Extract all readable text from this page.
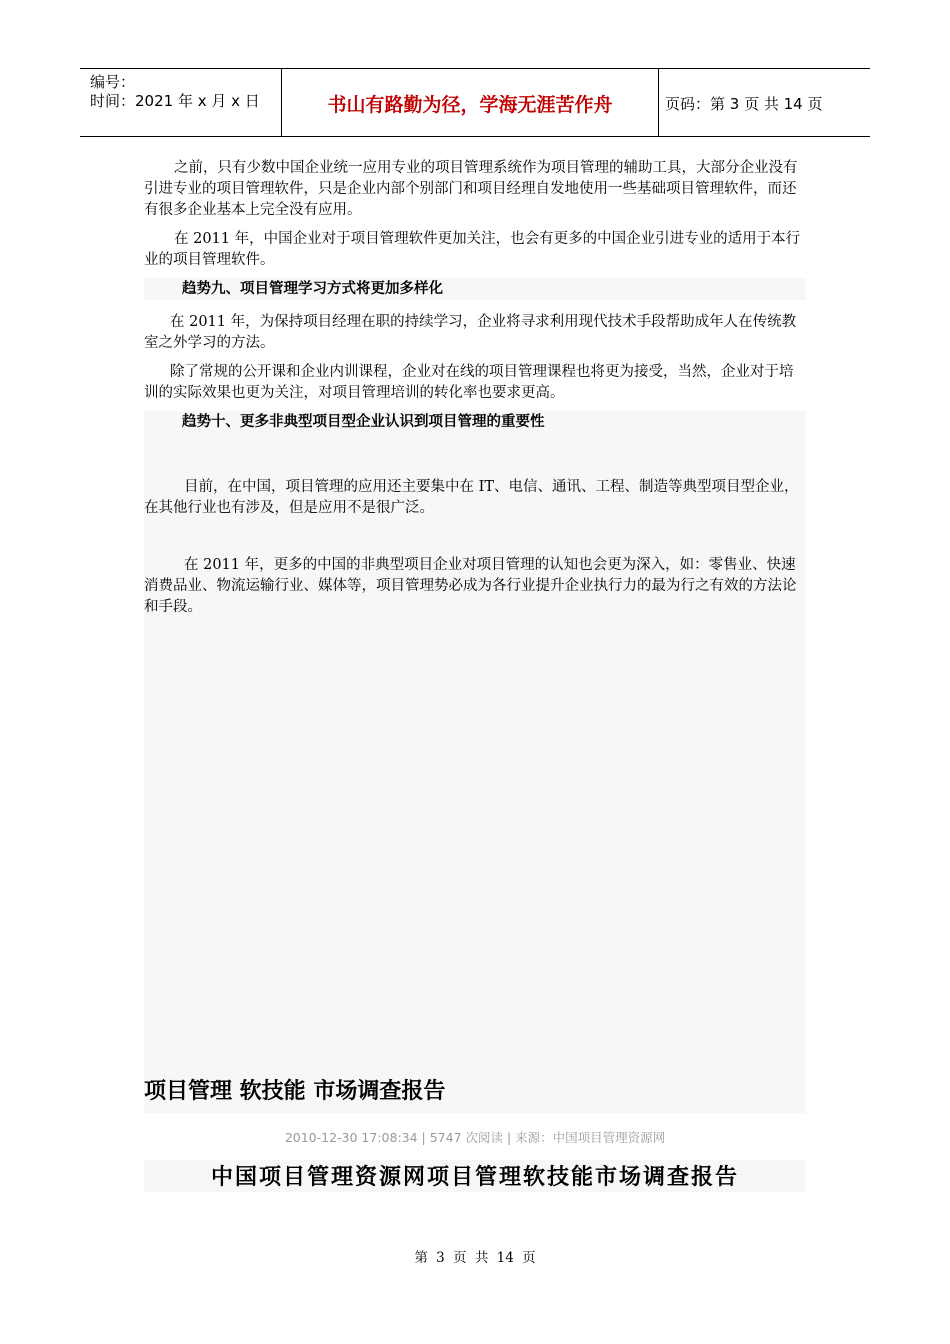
编号：
时间：2021 年 x 月 x 日	书山有路勤为径，学海无涯苦作舟	页码：第 3 页 共 14 页

之前，只有少数中国企业统一应用专业的项目管理系统作为项目管理的辅助工具，大部分企业没有引进专业的项目管理软件，只是企业内部个别部门和项目经理自发地使用一些基础项目管理软件，而还有很多企业基本上完全没有应用。

在 2011 年，中国企业对于项目管理软件更加关注，也会有更多的中国企业引进专业的适用于本行业的项目管理软件。

趋势九、项目管理学习方式将更加多样化

在 2011 年，为保持项目经理在职的持续学习，企业将寻求利用现代技术手段帮助成年人在传统教室之外学习的方法。

除了常规的公开课和企业内训课程，企业对在线的项目管理课程也将更为接受，当然，企业对于培训的实际效果也更为关注，对项目管理培训的转化率也要求更高。

趋势十、更多非典型项目型企业认识到项目管理的重要性

目前，在中国，项目管理的应用还主要集中在 IT、电信、通讯、工程、制造等典型项目型企业，在其他行业也有涉及，但是应用不是很广泛。

在 2011 年，更多的中国的非典型项目企业对项目管理的认知也会更为深入，如：零售业、快速消费品业、物流运输行业、媒体等，项目管理势必成为各行业提升企业执行力的最为行之有效的方法论和手段。

项目管理 软技能 市场调查报告
2010-12-30 17:08:34 | 5747 次阅读 | 来源：中国项目管理资源网
中国项目管理资源网项目管理软技能市场调查报告
第 3 页 共 14 页
